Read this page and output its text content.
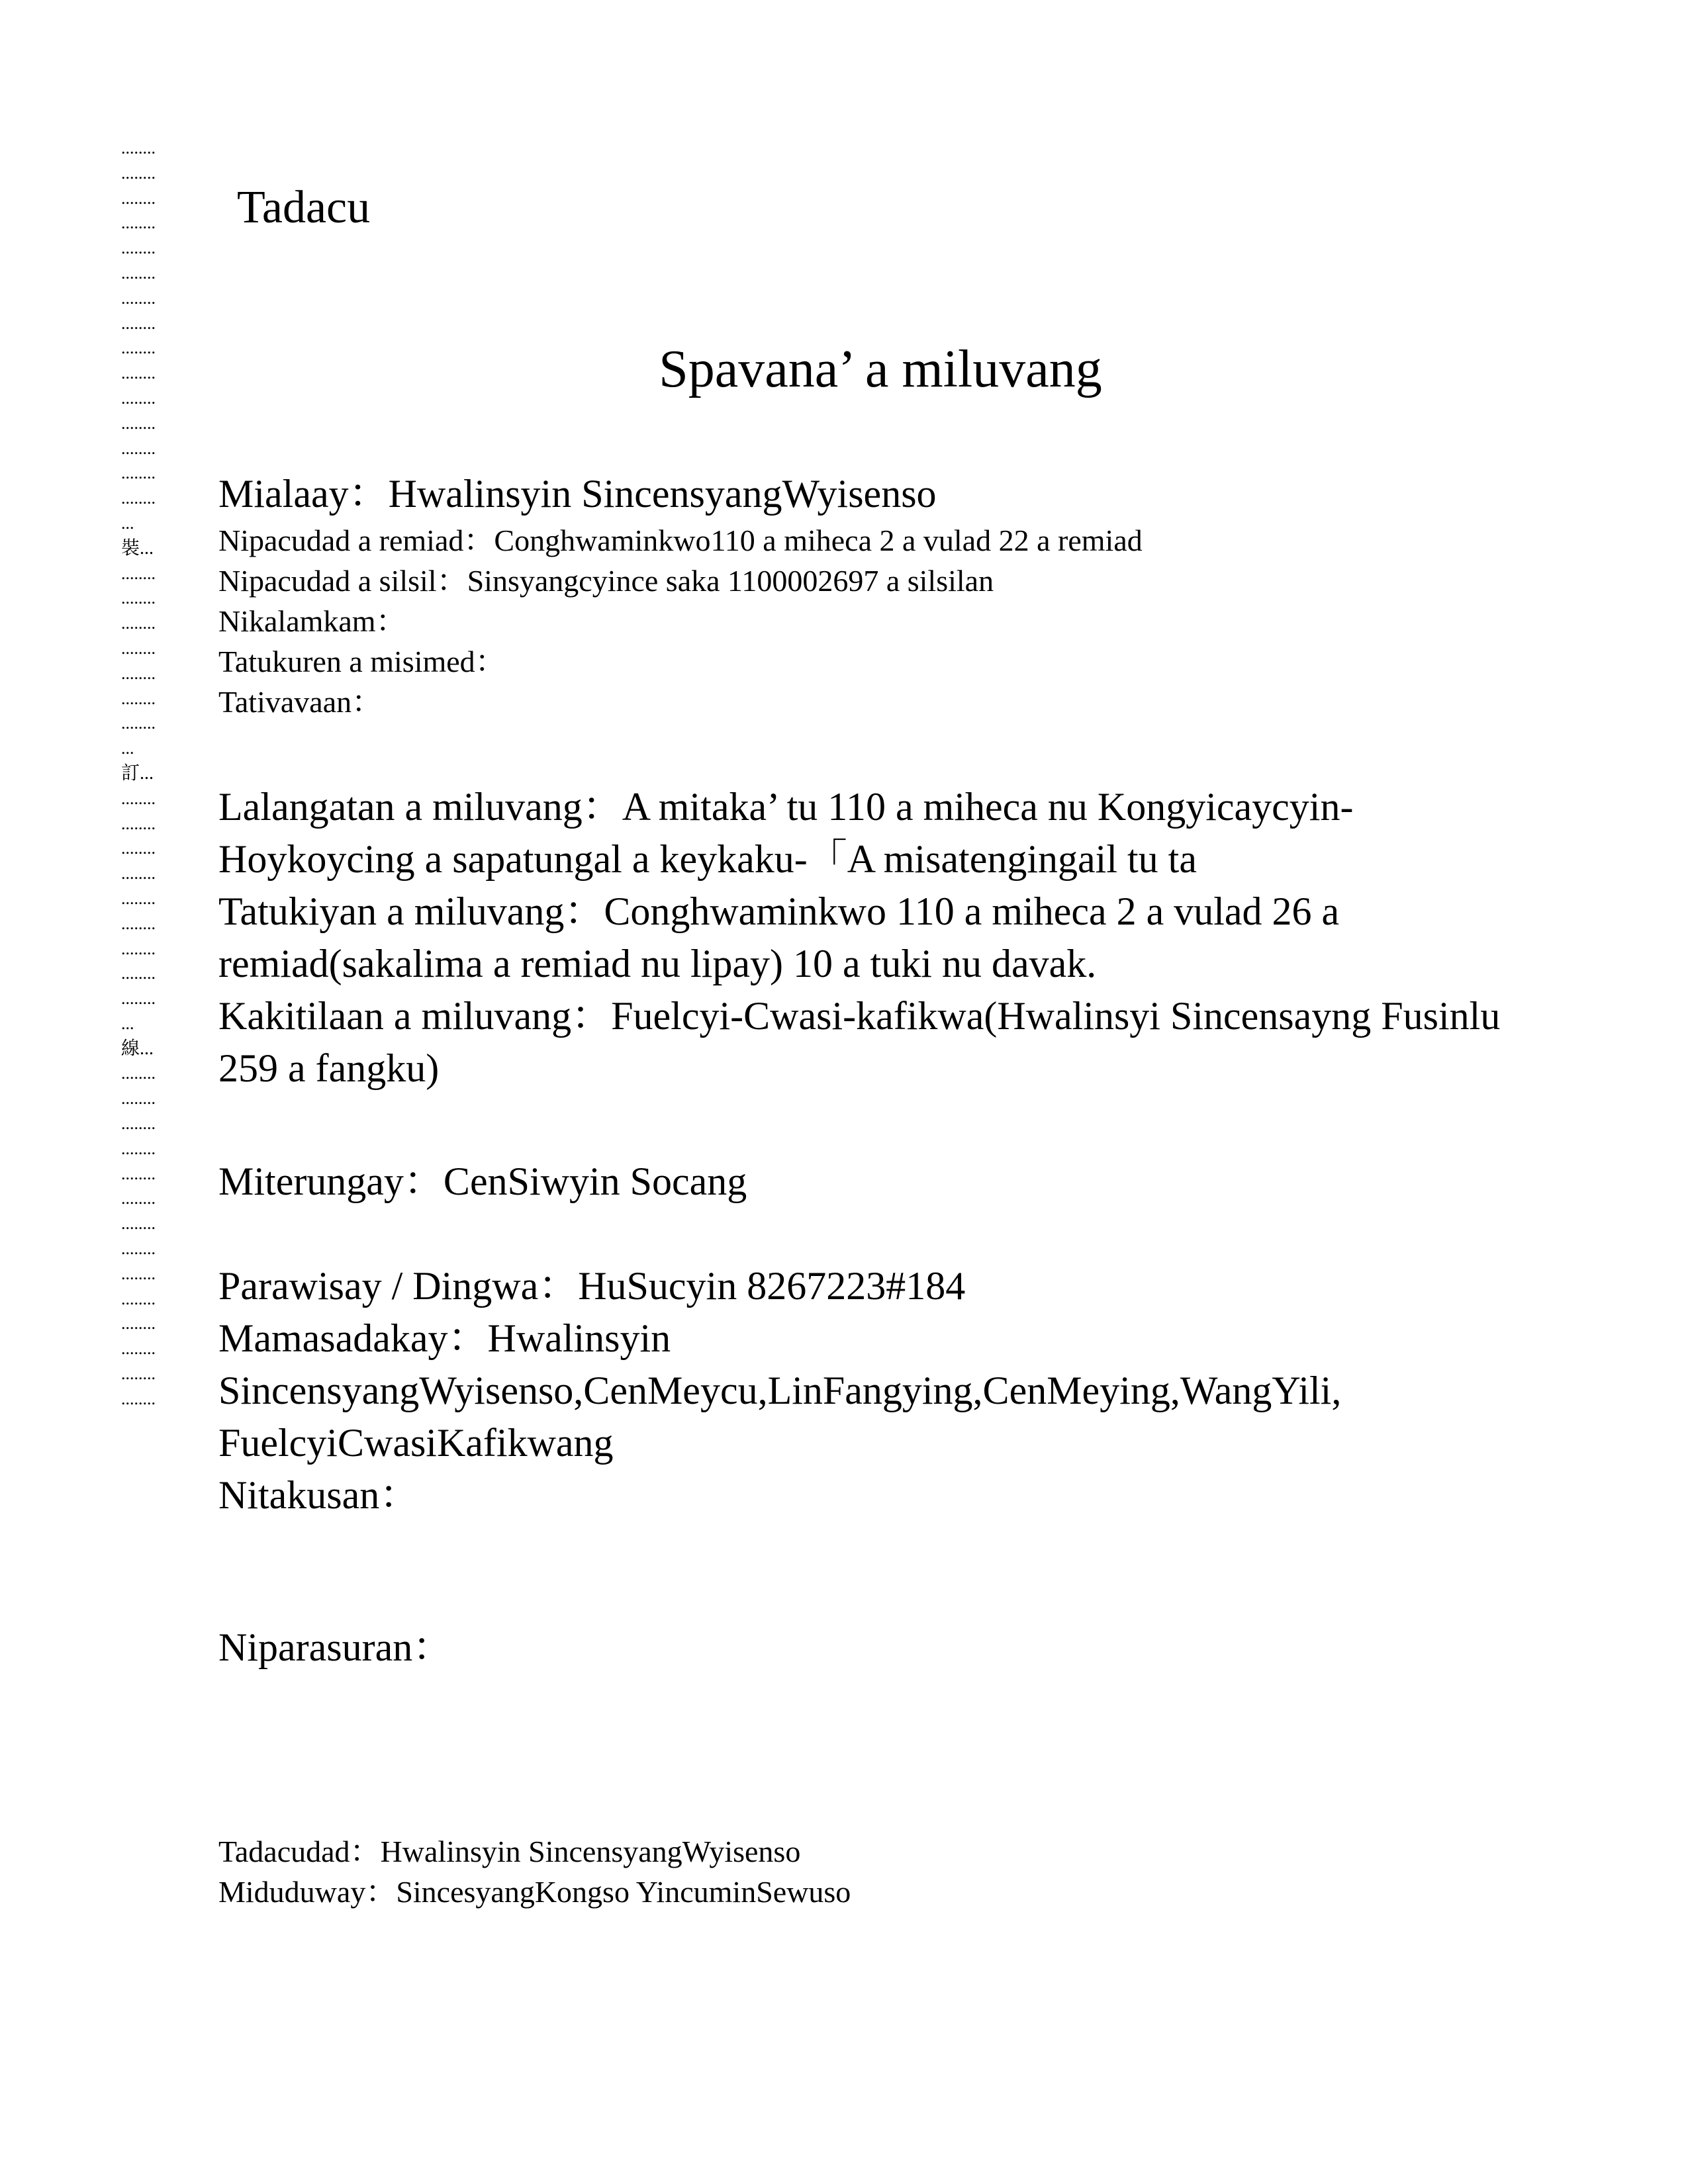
........
........
........
........
........
........
........
........
........
........
........
........
........
........
........
...
裝...
........
........
........
........
........
........
........
...
訂...
........
........
........
........
........
........
........
........
........
...
線...
........
........
........
........
........
........
........
........
........
........
........
........
........
........
Tadacu
Spavana’ a miluvang
Mialaay：Hwalinsyin SincensyangWyisenso
Nipacudad a remiad：Conghwaminkwo110 a miheca 2 a vulad 22 a remiad
Nipacudad a silsil：Sinsyangcyince saka 1100002697 a silsilan
Nikalamkam：
Tatukuren a misimed：
Tativavaan：
Lalangatan a miluvang：A mitaka’ tu 110 a miheca nu Kongyicaycyin-Hoykoycing a sapatungal a keykaku-「A misatengingail tu ta
Tatukiyan a miluvang：Conghwaminkwo 110 a miheca 2 a vulad 26 a remiad(sakalima a remiad nu lipay) 10 a tuki nu davak.
Kakitilaan a miluvang：Fuelcyi-Cwasi-kafikwa(Hwalinsyi Sincensayng Fusinlu 259 a fangku)
Miterungay：CenSiwyin Socang
Parawisay / Dingwa：HuSucyin 8267223#184
Mamasadakay：Hwalinsyin SincensyangWyisenso,CenMeycu,LinFangying,CenMeying,WangYili, FuelcyiCwasiKafikwang
Nitakusan：
Niparasuran：
Tadacudad：Hwalinsyin SincensyangWyisenso
Miduduway：SincesyangKongso YincuminSewuso
